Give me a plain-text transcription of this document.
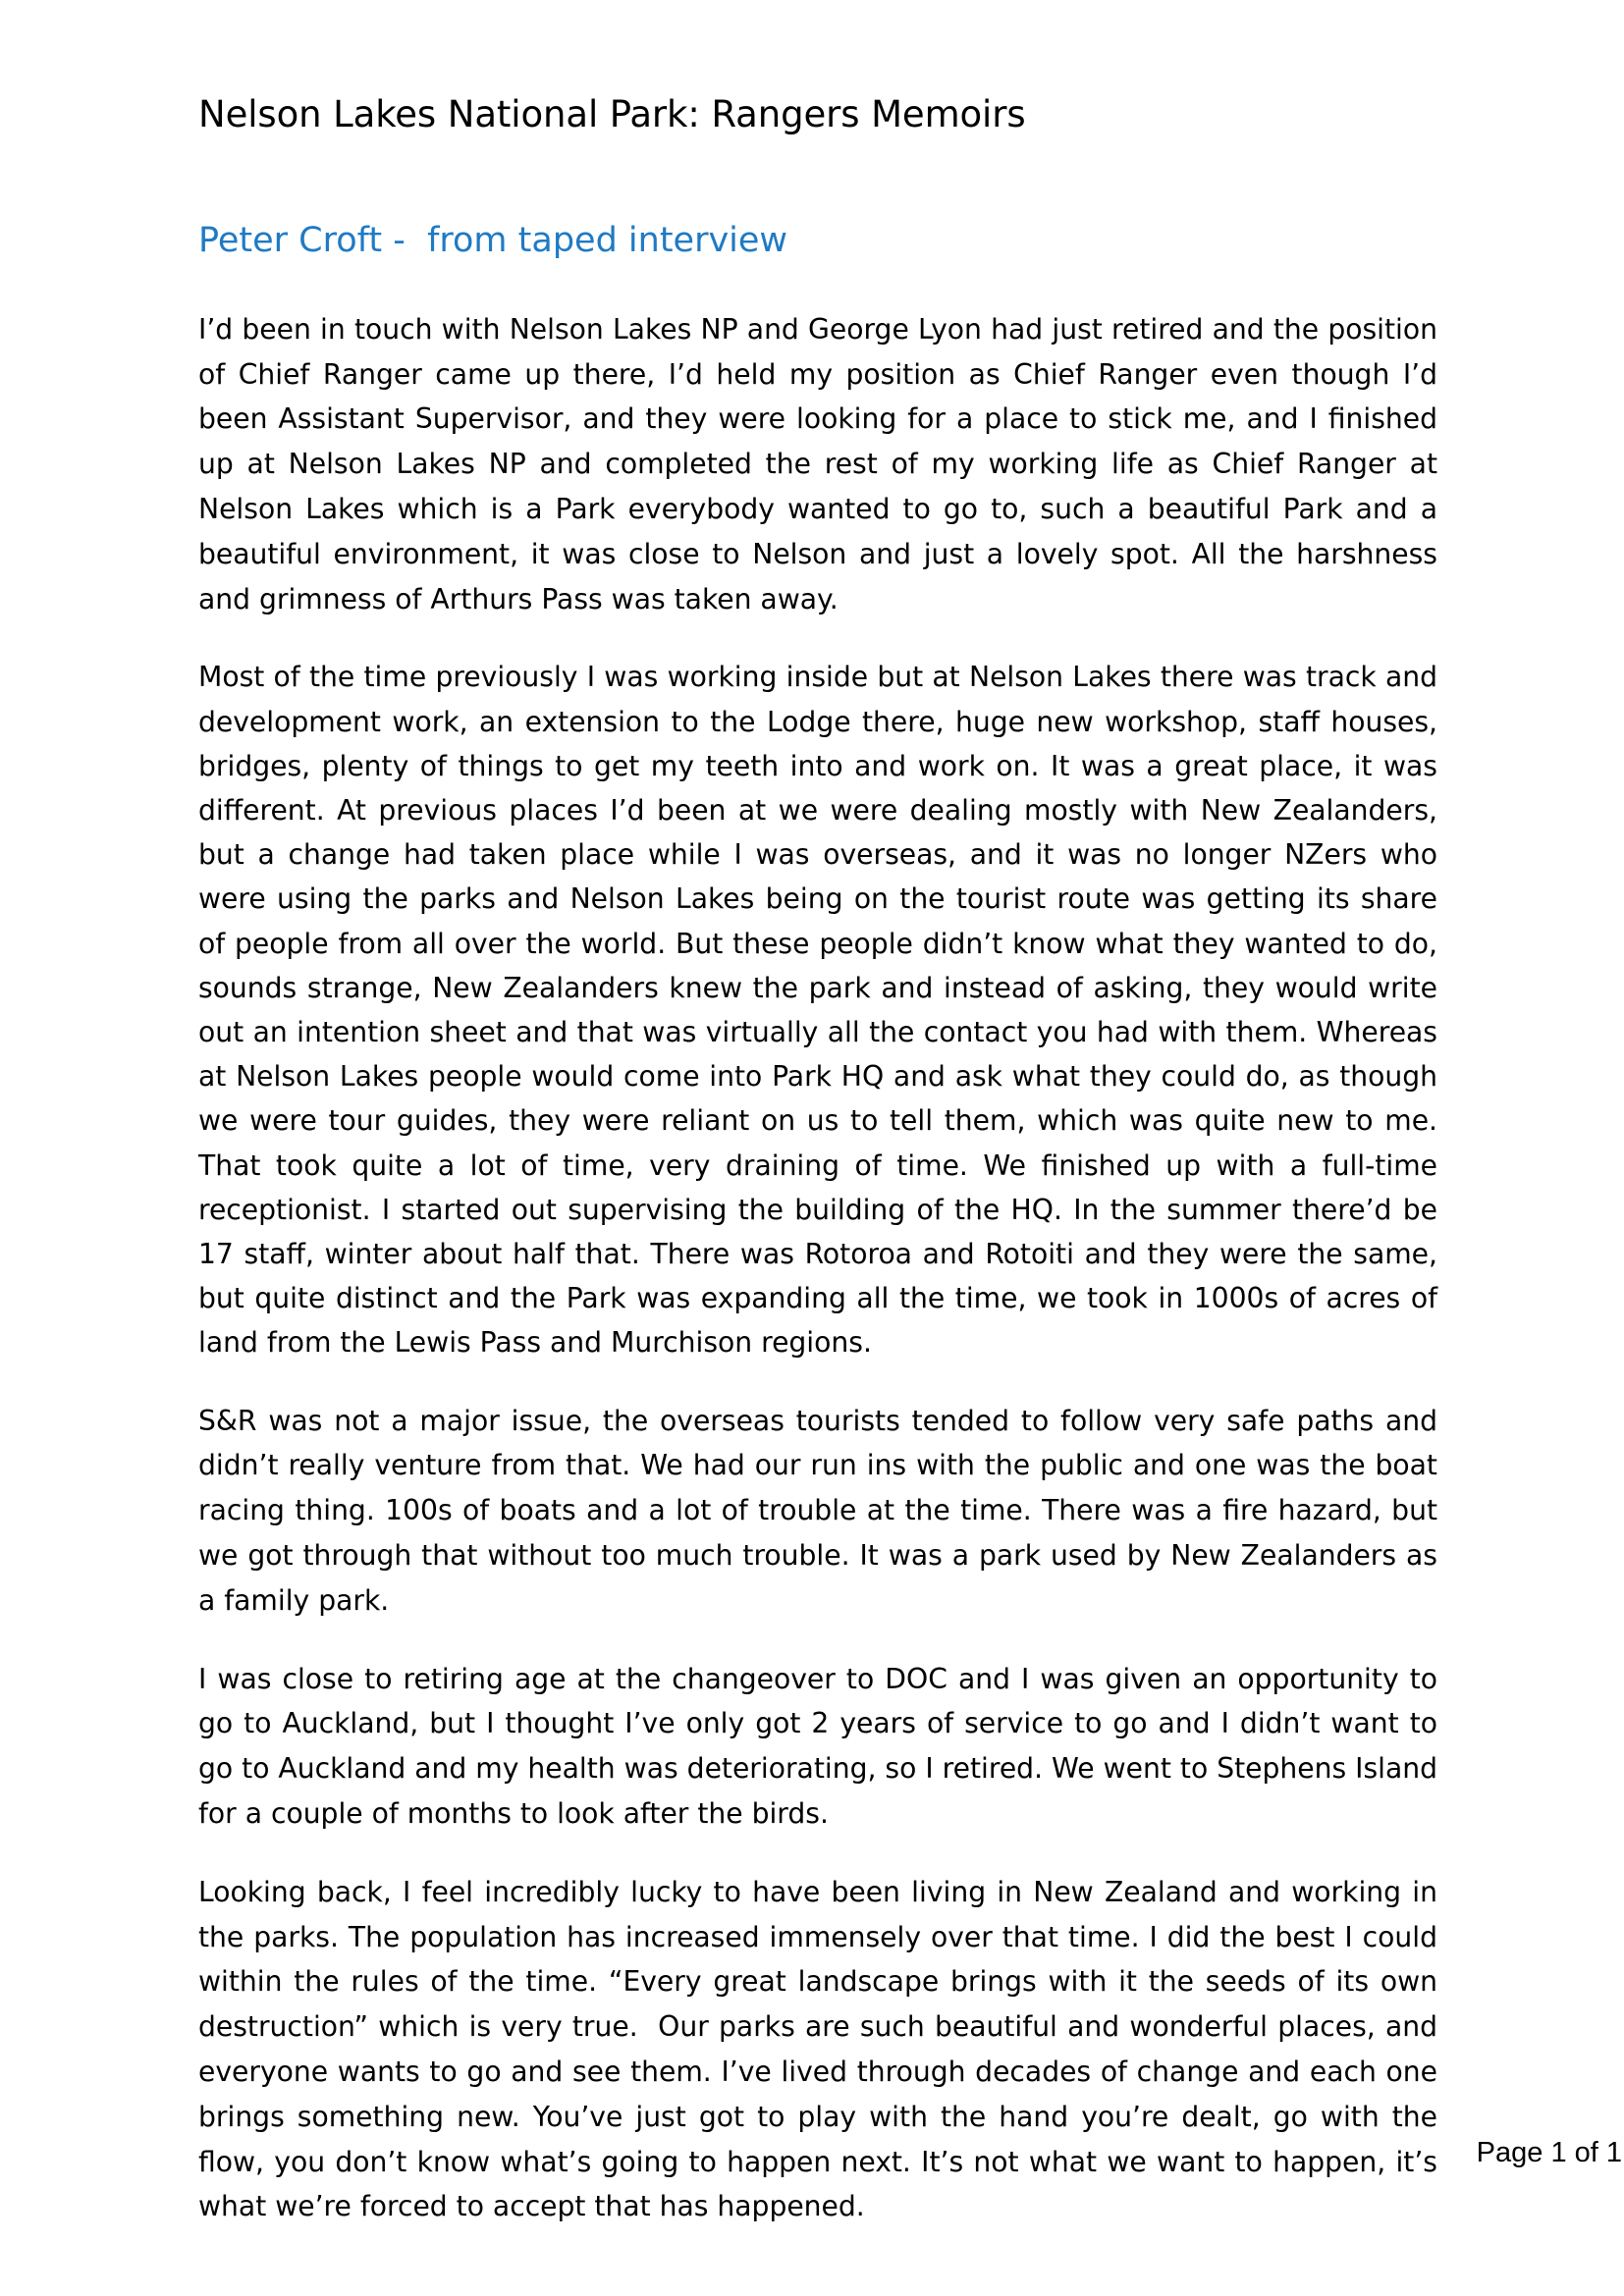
Nelson Lakes National Park: Rangers Memoirs
Peter Croft -  from taped interview

I’d been in touch with Nelson Lakes NP and George Lyon had just retired and the position of Chief Ranger came up there, I’d held my position as Chief Ranger even though I’d been Assistant Supervisor, and they were looking for a place to stick me, and I finished up at Nelson Lakes NP and completed the rest of my working life as Chief Ranger at Nelson Lakes which is a Park everybody wanted to go to, such a beautiful Park and a beautiful environment, it was close to Nelson and just a lovely spot. All the harshness and grimness of Arthurs Pass was taken away.

Most of the time previously I was working inside but at Nelson Lakes there was track and development work, an extension to the Lodge there, huge new workshop, staff houses, bridges, plenty of things to get my teeth into and work on. It was a great place, it was different. At previous places I’d been at we were dealing mostly with New Zealanders, but a change had taken place while I was overseas, and it was no longer NZers who were using the parks and Nelson Lakes being on the tourist route was getting its share of people from all over the world. But these people didn’t know what they wanted to do, sounds strange, New Zealanders knew the park and instead of asking, they would write out an intention sheet and that was virtually all the contact you had with them. Whereas at Nelson Lakes people would come into Park HQ and ask what they could do, as though we were tour guides, they were reliant on us to tell them, which was quite new to me. That took quite a lot of time, very draining of time. We finished up with a full-time receptionist. I started out supervising the building of the HQ. In the summer there’d be 17 staff, winter about half that. There was Rotoroa and Rotoiti and they were the same, but quite distinct and the Park was expanding all the time, we took in 1000s of acres of land from the Lewis Pass and Murchison regions.

S&R was not a major issue, the overseas tourists tended to follow very safe paths and didn’t really venture from that. We had our run ins with the public and one was the boat racing thing. 100s of boats and a lot of trouble at the time. There was a fire hazard, but we got through that without too much trouble. It was a park used by New Zealanders as a family park.

I was close to retiring age at the changeover to DOC and I was given an opportunity to go to Auckland, but I thought I’ve only got 2 years of service to go and I didn’t want to go to Auckland and my health was deteriorating, so I retired. We went to Stephens Island for a couple of months to look after the birds.

Looking back, I feel incredibly lucky to have been living in New Zealand and working in the parks. The population has increased immensely over that time. I did the best I could within the rules of the time. “Every great landscape brings with it the seeds of its own destruction” which is very true.  Our parks are such beautiful and wonderful places, and everyone wants to go and see them. I’ve lived through decades of change and each one brings something new. You’ve just got to play with the hand you’re dealt, go with the flow, you don’t know what’s going to happen next. It’s not what we want to happen, it’s what we’re forced to accept that has happened.

Page 1 of 1
